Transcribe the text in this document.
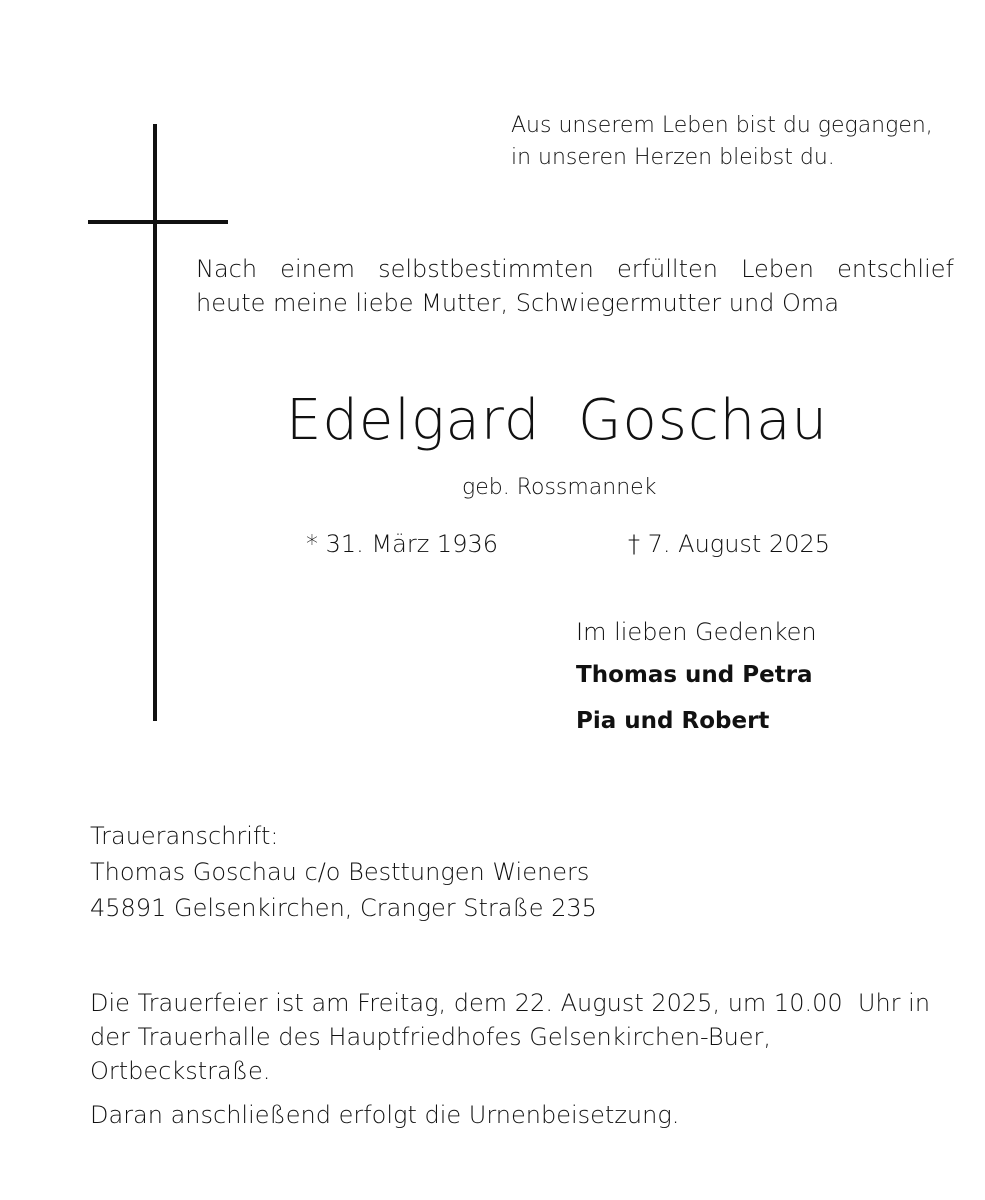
Aus unserem Leben bist du gegangen,
in unseren Herzen bleibst du.
Nach einem selbstbestimmten erfüllten Leben entschlief
heute meine liebe Mutter, Schwiegermutter und Oma
Edelgard  Goschau
geb. Rossmannek
* 31. März 1936	† 7. August 2025
Im lieben Gedenken
Thomas und Petra
Pia und Robert
Traueranschrift:
Thomas Goschau c/o Besttungen Wieners
45891 Gelsenkirchen, Cranger Straße 235
Die Trauerfeier ist am Freitag, dem 22. August 2025, um 10.00  Uhr in
der Trauerhalle des Hauptfriedhofes Gelsenkirchen-Buer,
Ortbeckstraße.
Daran anschließend erfolgt die Urnenbeisetzung.
